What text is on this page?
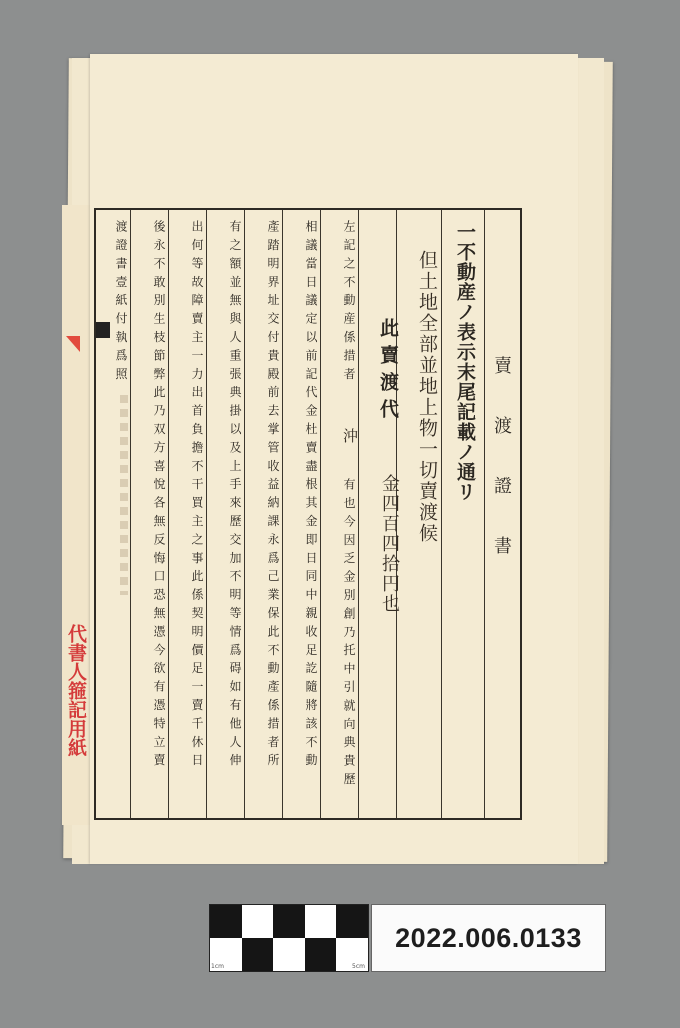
代書人箍記用紙
賣　渡　證　書
一不動産ノ表示末尾記載ノ通リ
但土地全部並地上物一切賣渡候
此賣渡代
金四百四拾円也
左記之不動産係措者
沖
有也今因乏金別創乃托中引就向典貴歷
相議當日議定以前記代金杜賣盡根其金即日同中親收足訖隨將該不動
產踏明界址交付貴殿前去掌管收益納課永爲己業保此不動產係措者所
有之額並無與人重張典掛以及上手來歷交加不明等情爲碍如有他人伸
出何等故障賣主一力出首負擔不干買主之事此係契明價足一賣千休日
後永不敢別生枝節弊此乃双方喜悅各無反悔口恐無憑今欲有憑特立賣
渡證書壹紙付執爲照
1cm	5cm
2022.006.0133
